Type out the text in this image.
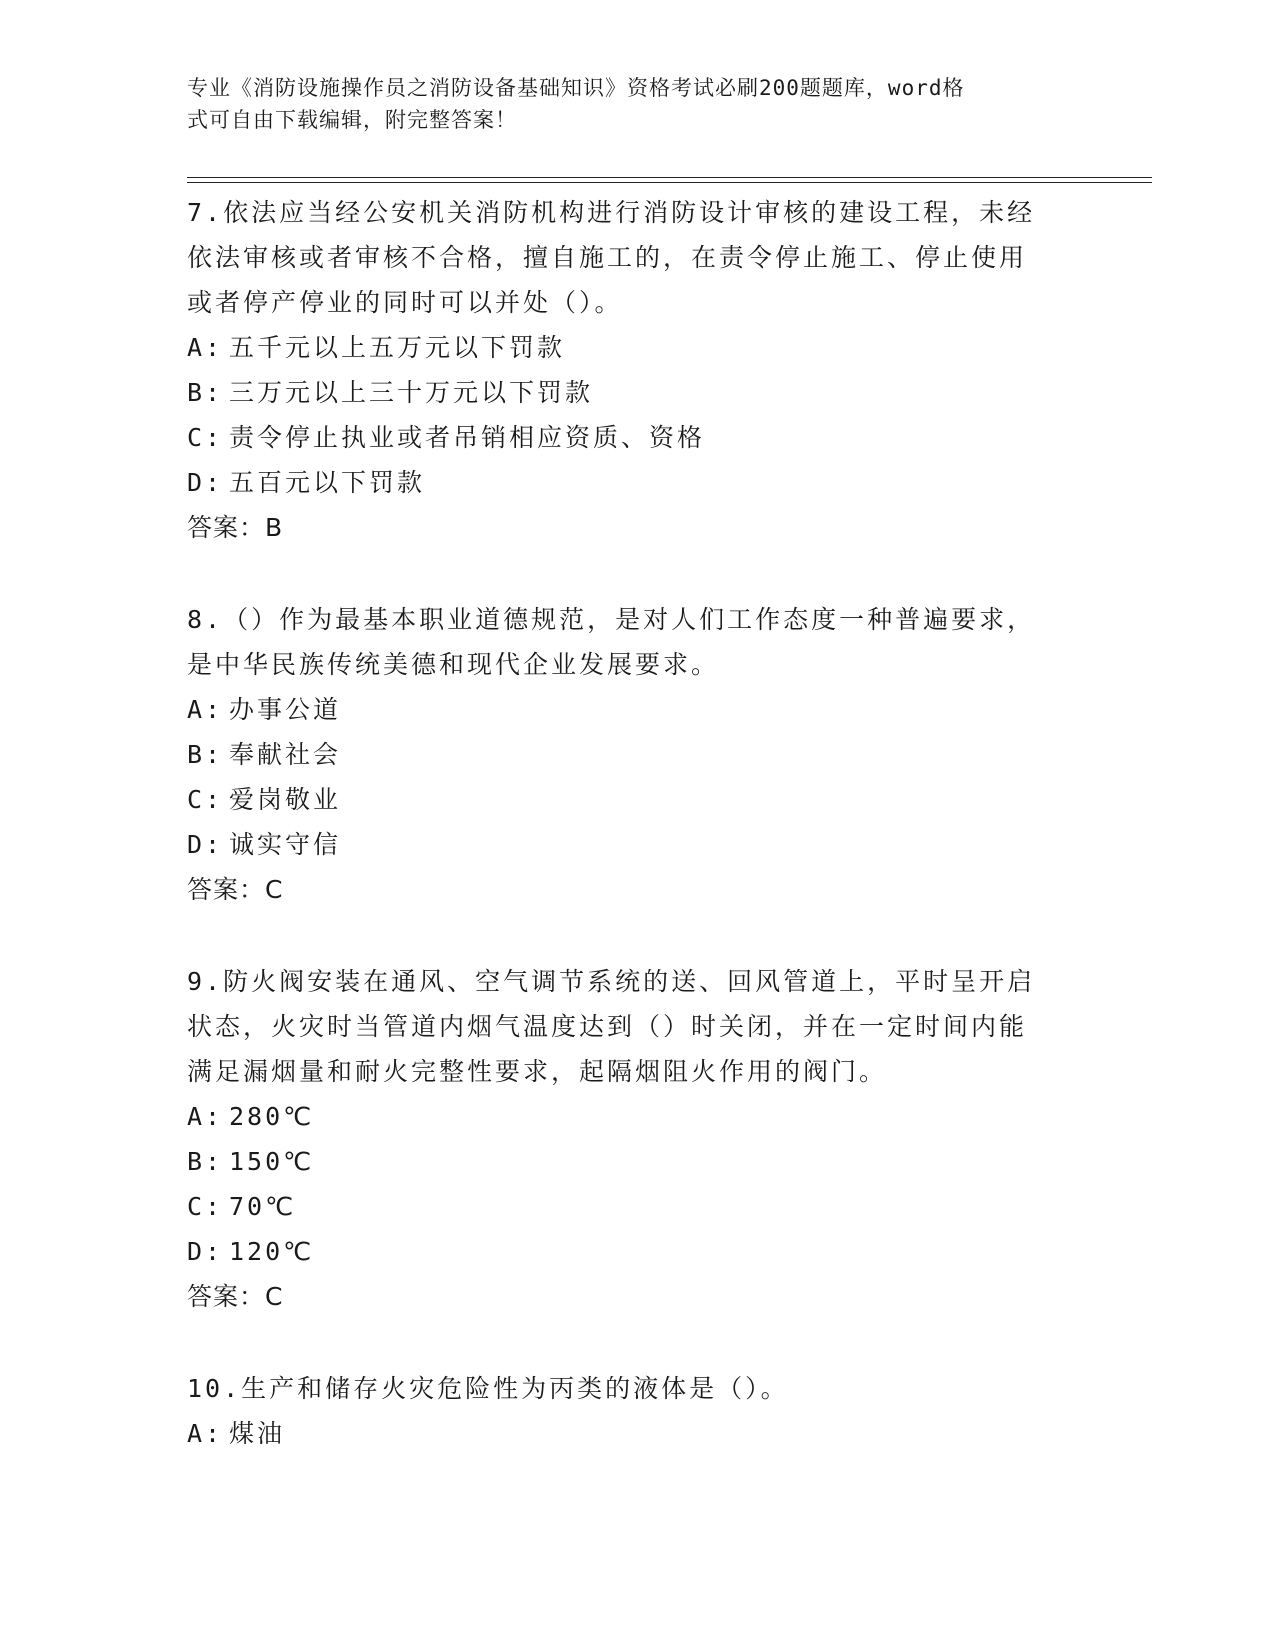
专业《消防设施操作员之消防设备基础知识》资格考试必刷200题题库，word格
式可自由下载编辑，附完整答案！

7.依法应当经公安机关消防机构进行消防设计审核的建设工程，未经

依法审核或者审核不合格，擅自施工的，在责令停止施工、停止使用

或者停产停业的同时可以并处（）。

A: 五千元以上五万元以下罚款

B: 三万元以上三十万元以下罚款

C: 责令停止执业或者吊销相应资质、资格

D: 五百元以下罚款

答案：B

8.（）作为最基本职业道德规范，是对人们工作态度一种普遍要求，

是中华民族传统美德和现代企业发展要求。

A: 办事公道

B: 奉献社会

C: 爱岗敬业

D: 诚实守信

答案：C

9.防火阀安装在通风、空气调节系统的送、回风管道上，平时呈开启

状态，火灾时当管道内烟气温度达到（）时关闭，并在一定时间内能

满足漏烟量和耐火完整性要求，起隔烟阻火作用的阀门。

A: 280℃

B: 150℃

C: 70℃

D: 120℃

答案：C

10.生产和储存火灾危险性为丙类的液体是（）。

A: 煤油
